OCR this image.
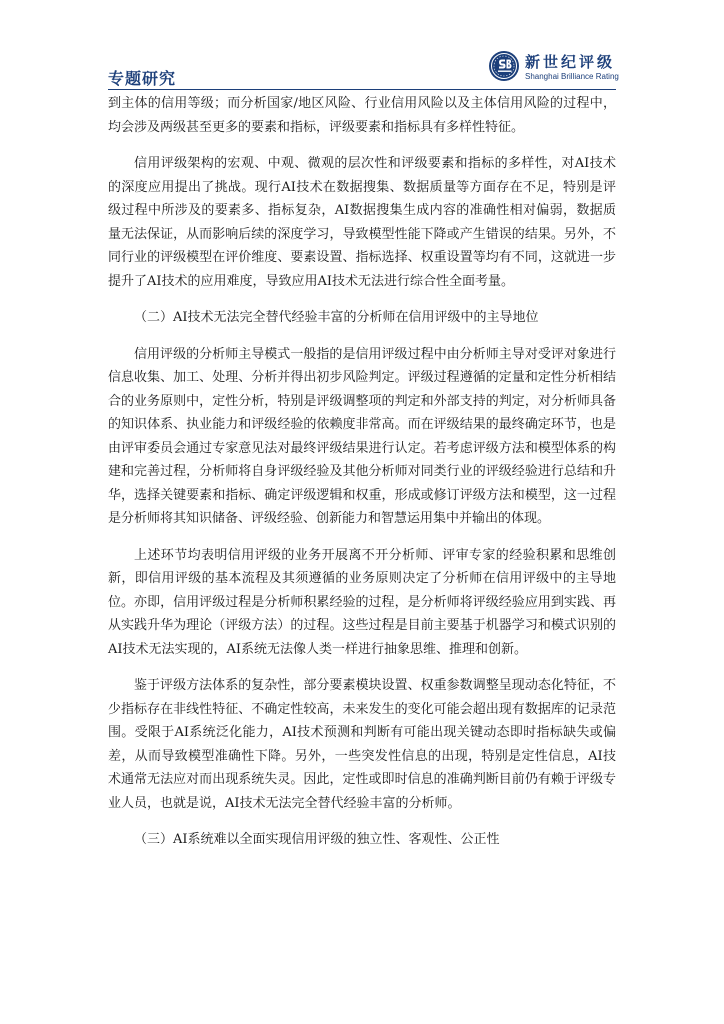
专题研究
新世纪评级
Shanghai Brilliance Rating

到主体的信用等级；而分析国家/地区风险、行业信用风险以及主体信用风险的过程中，均会涉及两级甚至更多的要素和指标，评级要素和指标具有多样性特征。

信用评级架构的宏观、中观、微观的层次性和评级要素和指标的多样性，对AI技术的深度应用提出了挑战。现行AI技术在数据搜集、数据质量等方面存在不足，特别是评级过程中所涉及的要素多、指标复杂，AI数据搜集生成内容的准确性相对偏弱，数据质量无法保证，从而影响后续的深度学习，导致模型性能下降或产生错误的结果。另外，不同行业的评级模型在评价维度、要素设置、指标选择、权重设置等均有不同，这就进一步提升了AI技术的应用难度，导致应用AI技术无法进行综合性全面考量。

（二）AI技术无法完全替代经验丰富的分析师在信用评级中的主导地位

信用评级的分析师主导模式一般指的是信用评级过程中由分析师主导对受评对象进行信息收集、加工、处理、分析并得出初步风险判定。评级过程遵循的定量和定性分析相结合的业务原则中，定性分析，特别是评级调整项的判定和外部支持的判定，对分析师具备的知识体系、执业能力和评级经验的依赖度非常高。而在评级结果的最终确定环节，也是由评审委员会通过专家意见法对最终评级结果进行认定。若考虑评级方法和模型体系的构建和完善过程，分析师将自身评级经验及其他分析师对同类行业的评级经验进行总结和升华，选择关键要素和指标、确定评级逻辑和权重，形成或修订评级方法和模型，这一过程是分析师将其知识储备、评级经验、创新能力和智慧运用集中并输出的体现。

上述环节均表明信用评级的业务开展离不开分析师、评审专家的经验积累和思维创新，即信用评级的基本流程及其须遵循的业务原则决定了分析师在信用评级中的主导地位。亦即，信用评级过程是分析师积累经验的过程，是分析师将评级经验应用到实践、再从实践升华为理论（评级方法）的过程。这些过程是目前主要基于机器学习和模式识别的AI技术无法实现的，AI系统无法像人类一样进行抽象思维、推理和创新。

鉴于评级方法体系的复杂性，部分要素模块设置、权重参数调整呈现动态化特征，不少指标存在非线性特征、不确定性较高，未来发生的变化可能会超出现有数据库的记录范围。受限于AI系统泛化能力，AI技术预测和判断有可能出现关键动态即时指标缺失或偏差，从而导致模型准确性下降。另外，一些突发性信息的出现，特别是定性信息，AI技术通常无法应对而出现系统失灵。因此，定性或即时信息的准确判断目前仍有赖于评级专业人员，也就是说，AI技术无法完全替代经验丰富的分析师。

（三）AI系统难以全面实现信用评级的独立性、客观性、公正性
